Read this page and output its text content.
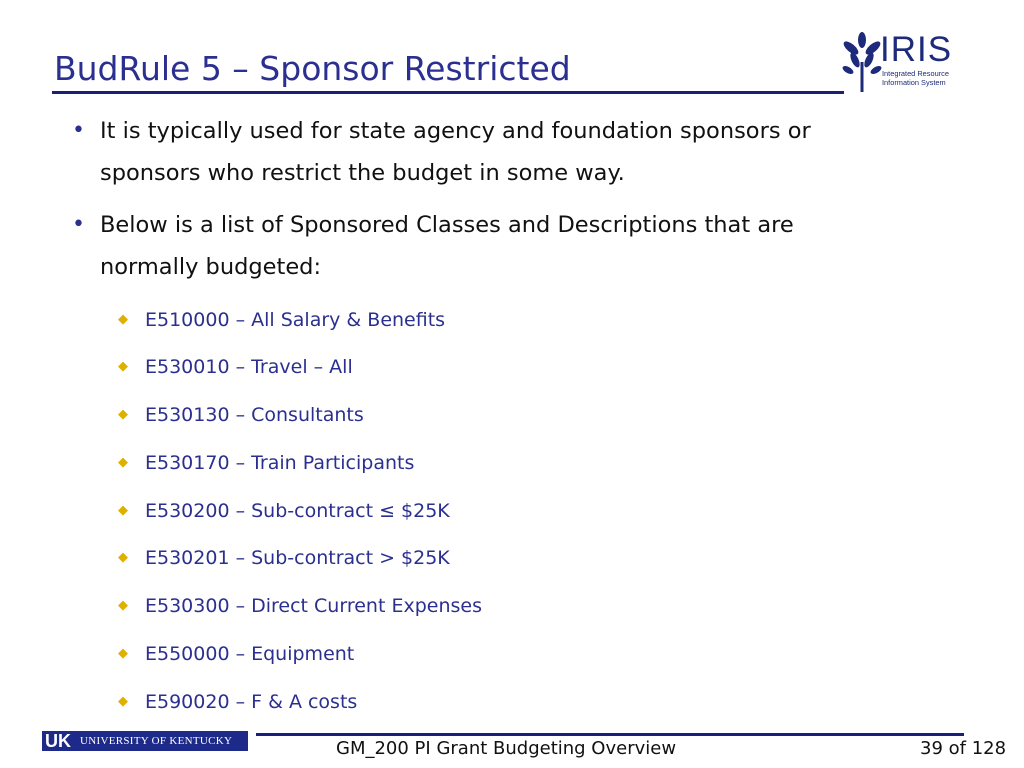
BudRule 5 – Sponsor Restricted	IRIS
Integrated Resource
Information System
• It is typically used for state agency and foundation sponsors or
sponsors who restrict the budget in some way.
• Below is a list of Sponsored Classes and Descriptions that are
normally budgeted:
◆ E510000 – All Salary & Benefits
◆ E530010 – Travel – All
◆ E530130 – Consultants
◆ E530170 – Train Participants
◆ E530200 – Sub-contract ≤ $25K
◆ E530201 – Sub-contract > $25K
◆ E530300 – Direct Current Expenses
◆ E550000 – Equipment
◆ E590020 – F & A costs
UK UNIVERSITY OF KENTUCKY	GM_200 PI Grant Budgeting Overview	39 of 128
